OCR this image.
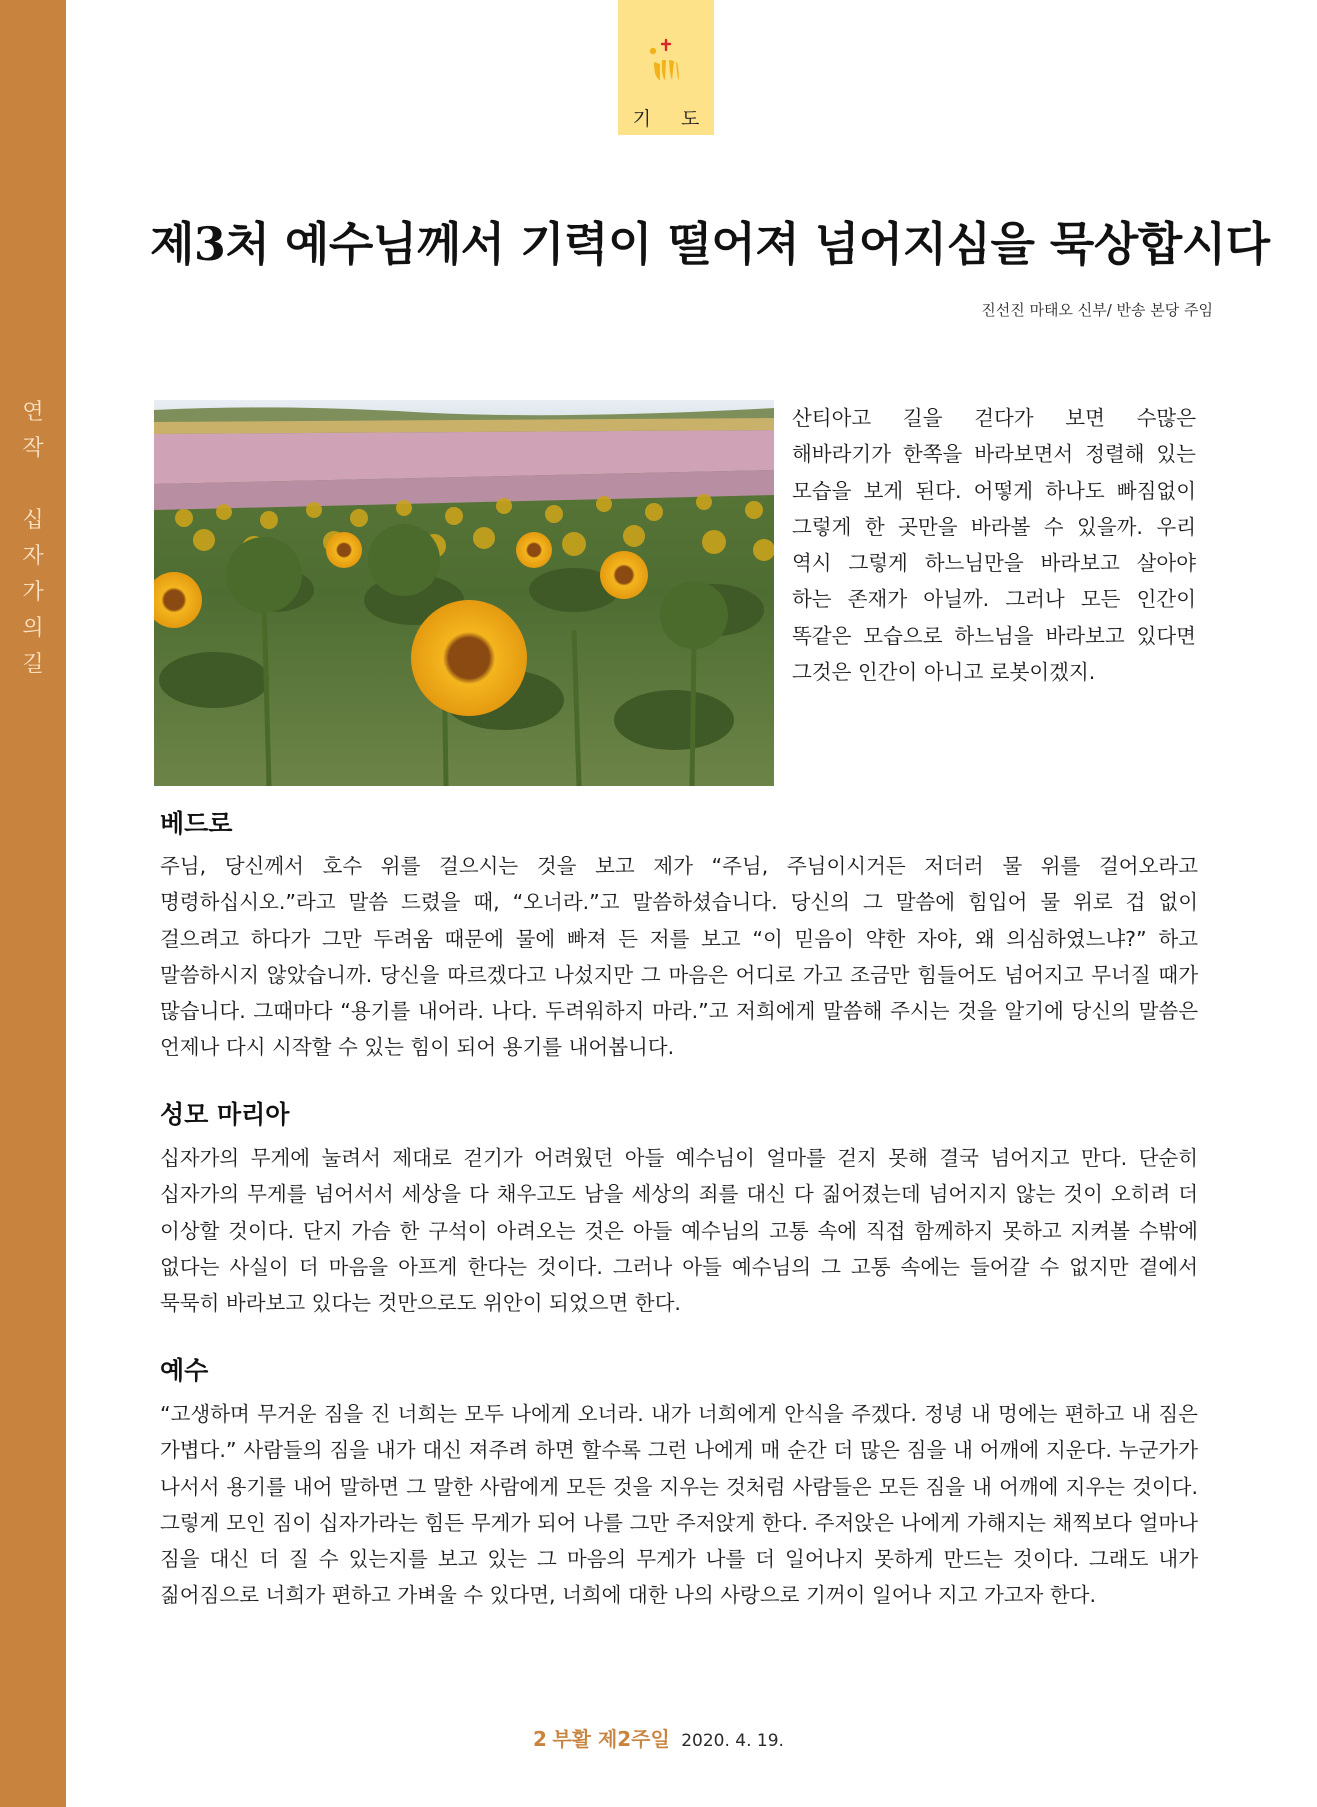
연
작
십
자
가
의
길
기 도
제3처 예수님께서 기력이 떨어져 넘어지심을 묵상합시다
진선진 마태오 신부/ 반송 본당 주임
산티아고 길을 걷다가 보면 수많은 해바라기가 한쪽을 바라보면서 정렬해 있는 모습을 보게 된다. 어떻게 하나도 빠짐없이 그렇게 한 곳만을 바라볼 수 있을까. 우리 역시 그렇게 하느님만을 바라보고 살아야 하는 존재가 아닐까. 그러나 모든 인간이 똑같은 모습으로 하느님을 바라보고 있다면 그것은 인간이 아니고 로봇이겠지.
베드로
주님, 당신께서 호수 위를 걸으시는 것을 보고 제가 “주님, 주님이시거든 저더러 물 위를 걸어오라고 명령하십시오.”라고 말씀 드렸을 때, “오너라.”고 말씀하셨습니다. 당신의 그 말씀에 힘입어 물 위로 겁 없이 걸으려고 하다가 그만 두려움 때문에 물에 빠져 든 저를 보고 “이 믿음이 약한 자야, 왜 의심하였느냐?” 하고 말씀하시지 않았습니까. 당신을 따르겠다고 나섰지만 그 마음은 어디로 가고 조금만 힘들어도 넘어지고 무너질 때가 많습니다. 그때마다 “용기를 내어라. 나다. 두려워하지 마라.”고 저희에게 말씀해 주시는 것을 알기에 당신의 말씀은 언제나 다시 시작할 수 있는 힘이 되어 용기를 내어봅니다.
성모 마리아
십자가의 무게에 눌려서 제대로 걷기가 어려웠던 아들 예수님이 얼마를 걷지 못해 결국 넘어지고 만다. 단순히 십자가의 무게를 넘어서서 세상을 다 채우고도 남을 세상의 죄를 대신 다 짊어졌는데 넘어지지 않는 것이 오히려 더 이상할 것이다. 단지 가슴 한 구석이 아려오는 것은 아들 예수님의 고통 속에 직접 함께하지 못하고 지켜볼 수밖에 없다는 사실이 더 마음을 아프게 한다는 것이다. 그러나 아들 예수님의 그 고통 속에는 들어갈 수 없지만 곁에서 묵묵히 바라보고 있다는 것만으로도 위안이 되었으면 한다.
예수
“고생하며 무거운 짐을 진 너희는 모두 나에게 오너라. 내가 너희에게 안식을 주겠다. 정녕 내 멍에는 편하고 내 짐은 가볍다.” 사람들의 짐을 내가 대신 져주려 하면 할수록 그런 나에게 매 순간 더 많은 짐을 내 어깨에 지운다. 누군가가 나서서 용기를 내어 말하면 그 말한 사람에게 모든 것을 지우는 것처럼 사람들은 모든 짐을 내 어깨에 지우는 것이다. 그렇게 모인 짐이 십자가라는 힘든 무게가 되어 나를 그만 주저앉게 한다. 주저앉은 나에게 가해지는 채찍보다 얼마나 짐을 대신 더 질 수 있는지를 보고 있는 그 마음의 무게가 나를 더 일어나지 못하게 만드는 것이다. 그래도 내가 짊어짐으로 너희가 편하고 가벼울 수 있다면, 너희에 대한 나의 사랑으로 기꺼이 일어나 지고 가고자 한다.
2 부활 제2주일 2020. 4. 19.
